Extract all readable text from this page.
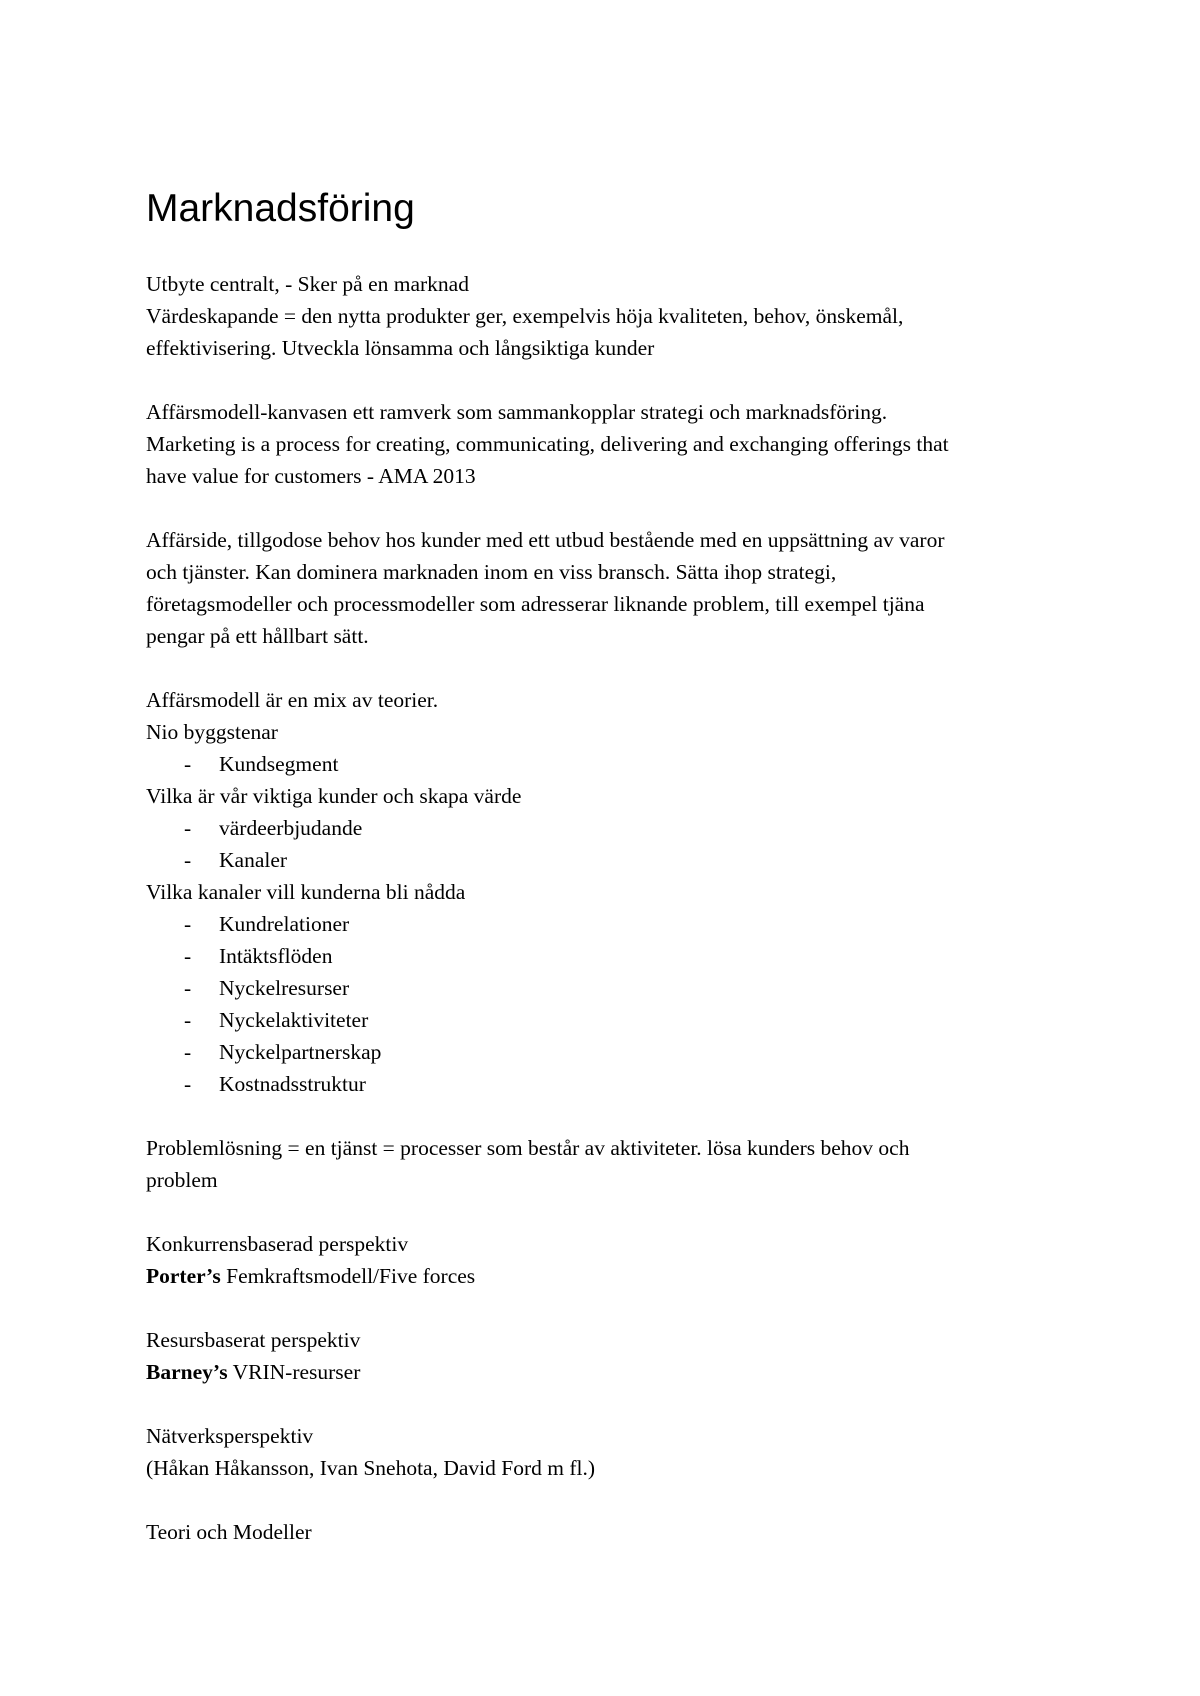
Marknadsföring
Utbyte centralt, - Sker på en marknad
Värdeskapande = den nytta produkter ger, exempelvis höja kvaliteten, behov, önskemål,
effektivisering. Utveckla lönsamma och långsiktiga kunder
Affärsmodell-kanvasen ett ramverk som sammankopplar strategi och marknadsföring.
Marketing is a process for creating, communicating, delivering and exchanging offerings that
have value for customers - AMA 2013
Affärside, tillgodose behov hos kunder med ett utbud bestående med en uppsättning av varor
och tjänster. Kan dominera marknaden inom en viss bransch. Sätta ihop strategi,
företagsmodeller och processmodeller som adresserar liknande problem, till exempel tjäna
pengar på ett hållbart sätt.
Affärsmodell är en mix av teorier.
Nio byggstenar
- Kundsegment
Vilka är vår viktiga kunder och skapa värde
- värdeerbjudande
- Kanaler
Vilka kanaler vill kunderna bli nådda
- Kundrelationer
- Intäktsflöden
- Nyckelresurser
- Nyckelaktiviteter
- Nyckelpartnerskap
- Kostnadsstruktur
Problemlösning = en tjänst = processer som består av aktiviteter. lösa kunders behov och
problem
Konkurrensbaserad perspektiv
Porter’s Femkraftsmodell/Five forces
Resursbaserat perspektiv
Barney’s VRIN-resurser
Nätverksperspektiv
(Håkan Håkansson, Ivan Snehota, David Ford m fl.)
Teori och Modeller
